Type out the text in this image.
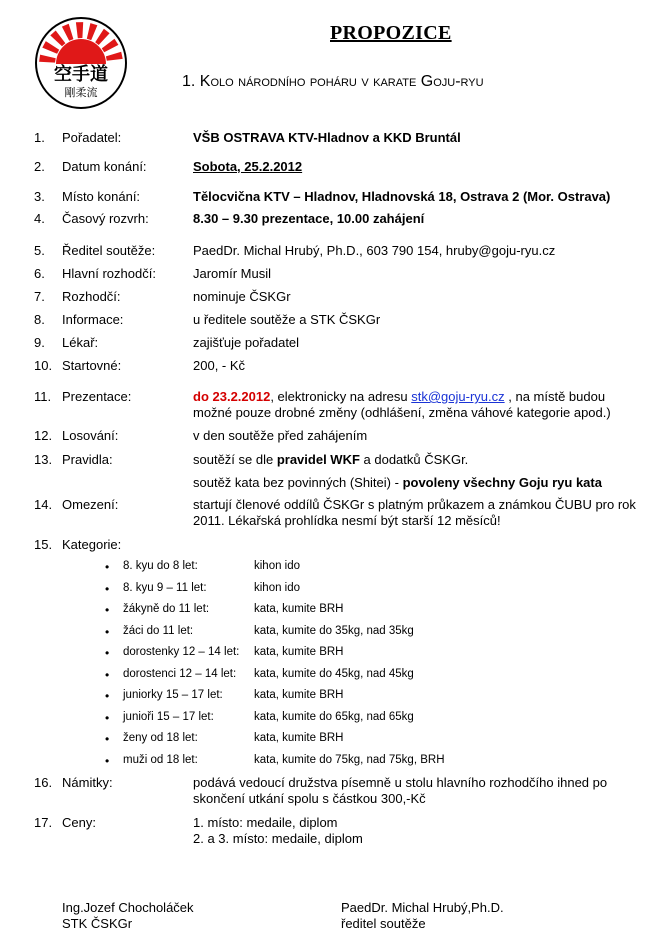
空手道
剛柔流
PROPOZICE
1. Kolo národního poháru v karate Goju-ryu
1. Pořadatel:	VŠB OSTRAVA KTV-Hladnov a KKD Bruntál
2. Datum konání:	Sobota, 25.2.2012
3. Místo konání:	Tělocvična KTV – Hladnov, Hladnovská 18, Ostrava 2 (Mor. Ostrava)
4. Časový rozvrh:	8.30 – 9.30 prezentace, 10.00 zahájení
5. Ředitel soutěže:	PaedDr. Michal Hrubý, Ph.D., 603 790 154, hruby@goju-ryu.cz
6. Hlavní rozhodčí:	Jaromír Musil
7. Rozhodčí:	nominuje ČSKGr
8. Informace:	u ředitele soutěže a STK ČSKGr
9. Lékař:	zajišťuje pořadatel
10. Startovné:	200, - Kč
11. Prezentace:	do 23.2.2012, elektronicky na adresu stk@goju-ryu.cz , na místě budou možné pouze drobné změny (odhlášení, změna váhové kategorie apod.)
12. Losování:	v den soutěže před zahájením
13. Pravidla:	soutěží se dle pravidel WKF a dodatků ČSKGr.
soutěž kata bez povinných (Shitei) - povoleny všechny Goju ryu kata
14. Omezení:	startují členové oddílů ČSKGr s platným průkazem a známkou ČUBU pro rok 2011. Lékařská prohlídka nesmí být starší 12 měsíců!
15. Kategorie:
• 8. kyu do 8 let:	kihon ido
• 8. kyu 9 – 11 let:	kihon ido
• žákyně do 11 let:	kata, kumite BRH
• žáci do 11 let:	kata, kumite do 35kg, nad 35kg
• dorostenky 12 – 14 let: kata, kumite BRH
• dorostenci 12 – 14 let: kata, kumite do 45kg, nad 45kg
• juniorky 15 – 17 let:	kata, kumite BRH
• junioři 15 – 17 let:	kata, kumite do 65kg, nad 65kg
• ženy od 18 let:	kata, kumite BRH
• muži od 18 let:	kata, kumite do 75kg, nad 75kg, BRH
16. Námitky:	podává vedoucí družstva písemně u stolu hlavního rozhodčího ihned po skončení utkání spolu s částkou 300,-Kč
17. Ceny:	1. místo: medaile, diplom
2. a 3. místo: medaile, diplom
Ing.Jozef Chocholáček
STK ČSKGr
PaedDr. Michal Hrubý,Ph.D.
ředitel soutěže
